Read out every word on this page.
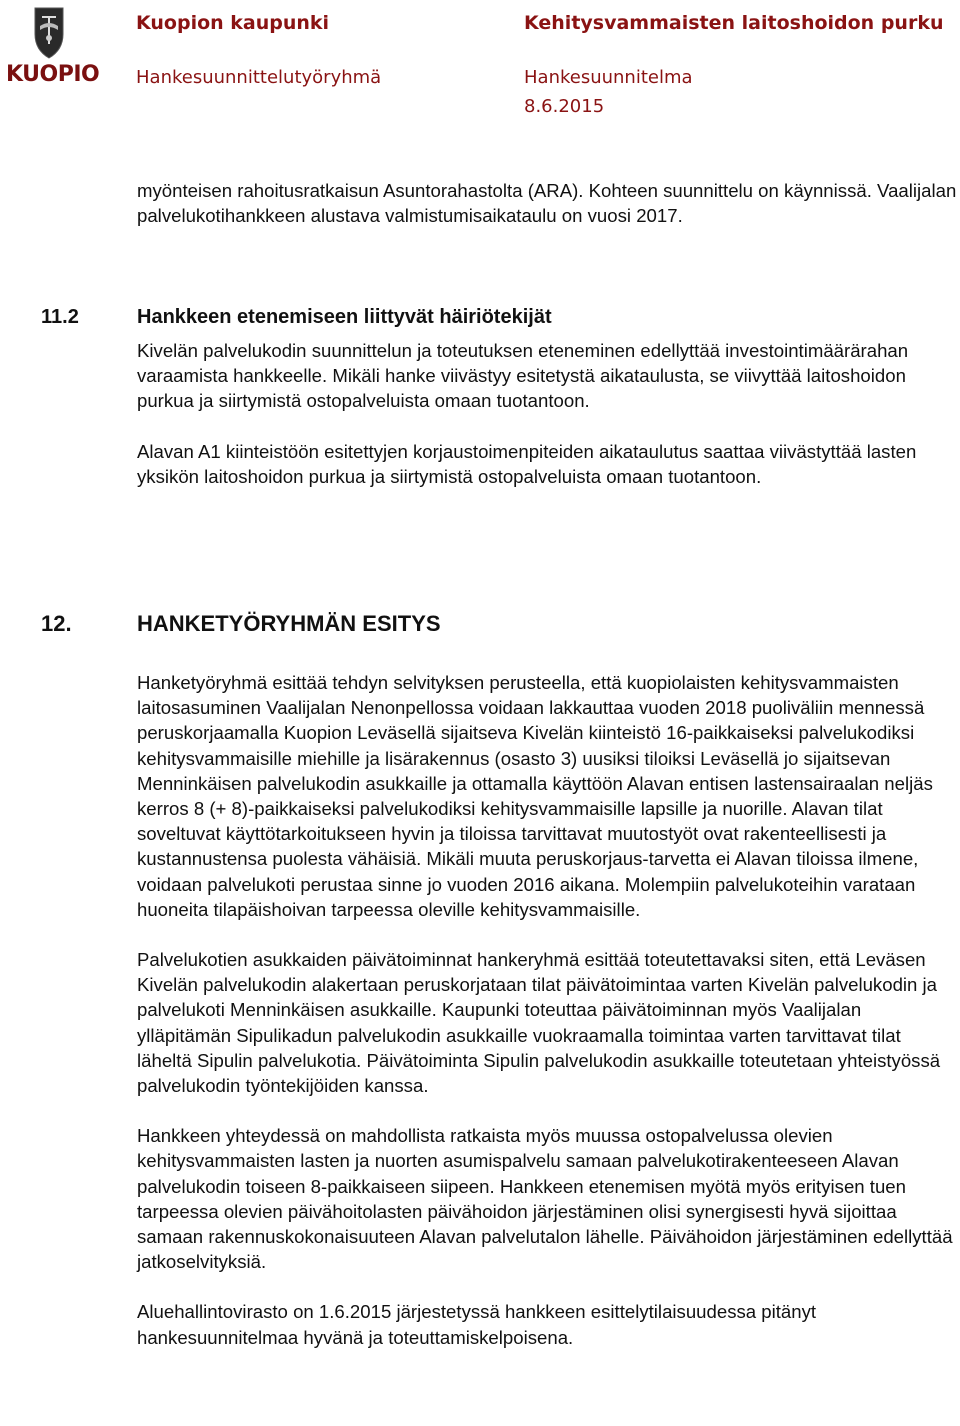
KUOPIO
Kuopion kaupunki	Kehitysvammaisten laitoshoidon purku
Hankesuunnittelutyöryhmä	Hankesuunnitelma
8.6.2015

myönteisen rahoitusratkaisun Asuntorahastolta (ARA). Kohteen suunnittelu on käynnissä. Vaalijalan palvelukotihankkeen alustava valmistumisaikataulu on vuosi 2017.

11.2	Hankkeen etenemiseen liittyvät häiriötekijät

Kivelän palvelukodin suunnittelun ja toteutuksen eteneminen edellyttää investointimäärärahan varaamista hankkeelle. Mikäli hanke viivästyy esitetystä aikataulusta, se viivyttää laitoshoidon purkua ja siirtymistä ostopalveluista omaan tuotantoon.

Alavan A1 kiinteistöön esitettyjen korjaustoimenpiteiden aikataulutus saattaa viivästyttää lasten yksikön laitoshoidon purkua ja siirtymistä ostopalveluista omaan tuotantoon.

12.	HANKETYÖRYHMÄN ESITYS

Hanketyöryhmä esittää tehdyn selvityksen perusteella, että kuopiolaisten kehitysvammaisten laitosasuminen Vaalijalan Nenonpellossa voidaan lakkauttaa vuoden 2018 puoliväliin mennessä peruskorjaamalla Kuopion Leväsellä sijaitseva Kivelän kiinteistö 16-paikkaiseksi palvelukodiksi kehitysvammaisille miehille ja lisärakennus (osasto 3) uusiksi tiloiksi Leväsellä jo sijaitsevan Menninkäisen palvelukodin asukkaille ja ottamalla käyttöön Alavan entisen lastensairaalan neljäs kerros 8 (+ 8)-paikkaiseksi palvelukodiksi kehitysvammaisille lapsille ja nuorille. Alavan tilat soveltuvat käyttötarkoitukseen hyvin ja tiloissa tarvittavat muutostyöt ovat rakenteellisesti ja kustannustensa puolesta vähäisiä. Mikäli muuta peruskorjaus-tarvetta ei Alavan tiloissa ilmene, voidaan palvelukoti perustaa sinne jo vuoden 2016 aikana. Molempiin palvelukoteihin varataan huoneita tilapäishoivan tarpeessa oleville kehitysvammaisille.

Palvelukotien asukkaiden päivätoiminnat hankeryhmä esittää toteutettavaksi siten, että Leväsen Kivelän palvelukodin alakertaan peruskorjataan tilat päivätoimintaa varten Kivelän palvelukodin ja palvelukoti Menninkäisen asukkaille. Kaupunki toteuttaa päivätoiminnan myös Vaalijalan ylläpitämän Sipulikadun palvelukodin asukkaille vuokraamalla toimintaa varten tarvittavat tilat läheltä Sipulin palvelukotia. Päivätoiminta Sipulin palvelukodin asukkaille toteutetaan yhteistyössä palvelukodin työntekijöiden kanssa.

Hankkeen yhteydessä on mahdollista ratkaista myös muussa ostopalvelussa olevien kehitysvammaisten lasten ja nuorten asumispalvelu samaan palvelukotirakenteeseen Alavan palvelukodin toiseen 8-paikkaiseen siipeen. Hankkeen etenemisen myötä myös erityisen tuen tarpeessa olevien päivähoitolasten päivähoidon järjestäminen olisi synergisesti hyvä sijoittaa samaan rakennuskokonaisuuteen Alavan palvelutalon lähelle. Päivähoidon järjestäminen edellyttää jatkoselvityksiä.

Aluehallintovirasto on 1.6.2015 järjestetyssä hankkeen esittelytilaisuudessa pitänyt hankesuunnitelmaa hyvänä ja toteuttamiskelpoisena.
